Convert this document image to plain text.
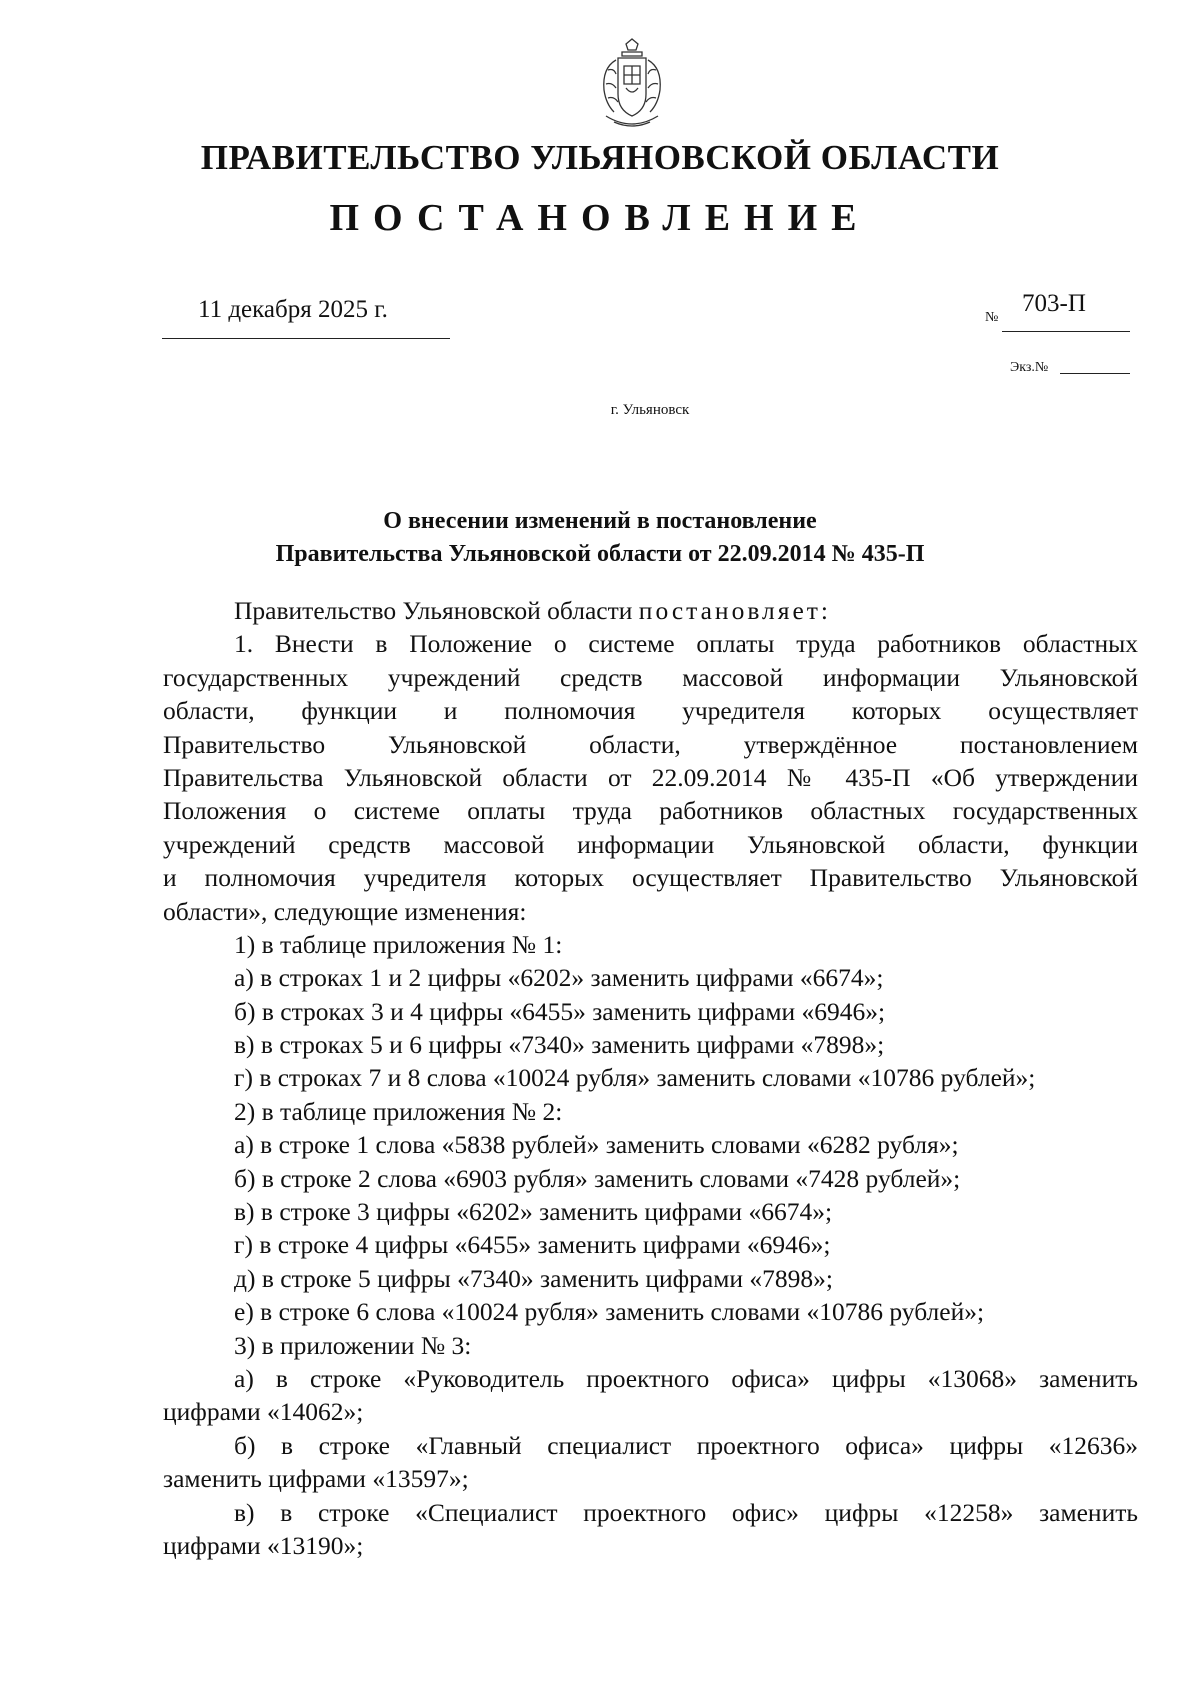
ПРАВИТЕЛЬСТВО УЛЬЯНОВСКОЙ ОБЛАСТИ
ПОСТАНОВЛЕНИЕ
11 декабря 2025 г.	№
703-П
Экз.№
г. Ульяновск
О внесении изменений в постановление
Правительства Ульяновской области от 22.09.2014 № 435-П
Правительство Ульяновской области постановляет:
1. Внести в Положение о системе оплаты труда работников областных
государственных учреждений средств массовой информации Ульяновской
области, функции и полномочия учредителя которых осуществляет
Правительство Ульяновской области, утверждённое постановлением
Правительства Ульяновской области от 22.09.2014 № 435-П «Об утверждении
Положения о системе оплаты труда работников областных государственных
учреждений средств массовой информации Ульяновской области, функции
и полномочия учредителя которых осуществляет Правительство Ульяновской
области», следующие изменения:
1) в таблице приложения № 1:
а) в строках 1 и 2 цифры «6202» заменить цифрами «6674»;
б) в строках 3 и 4 цифры «6455» заменить цифрами «6946»;
в) в строках 5 и 6 цифры «7340» заменить цифрами «7898»;
г) в строках 7 и 8 слова «10024 рубля» заменить словами «10786 рублей»;
2) в таблице приложения № 2:
а) в строке 1 слова «5838 рублей» заменить словами «6282 рубля»;
б) в строке 2 слова «6903 рубля» заменить словами «7428 рублей»;
в) в строке 3 цифры «6202» заменить цифрами «6674»;
г) в строке 4 цифры «6455» заменить цифрами «6946»;
д) в строке 5 цифры «7340» заменить цифрами «7898»;
е) в строке 6 слова «10024 рубля» заменить словами «10786 рублей»;
3) в приложении № 3:
а) в строке «Руководитель проектного офиса» цифры «13068» заменить
цифрами «14062»;
б) в строке «Главный специалист проектного офиса» цифры «12636»
заменить цифрами «13597»;
в) в строке «Специалист проектного офис» цифры «12258» заменить
цифрами «13190»;
